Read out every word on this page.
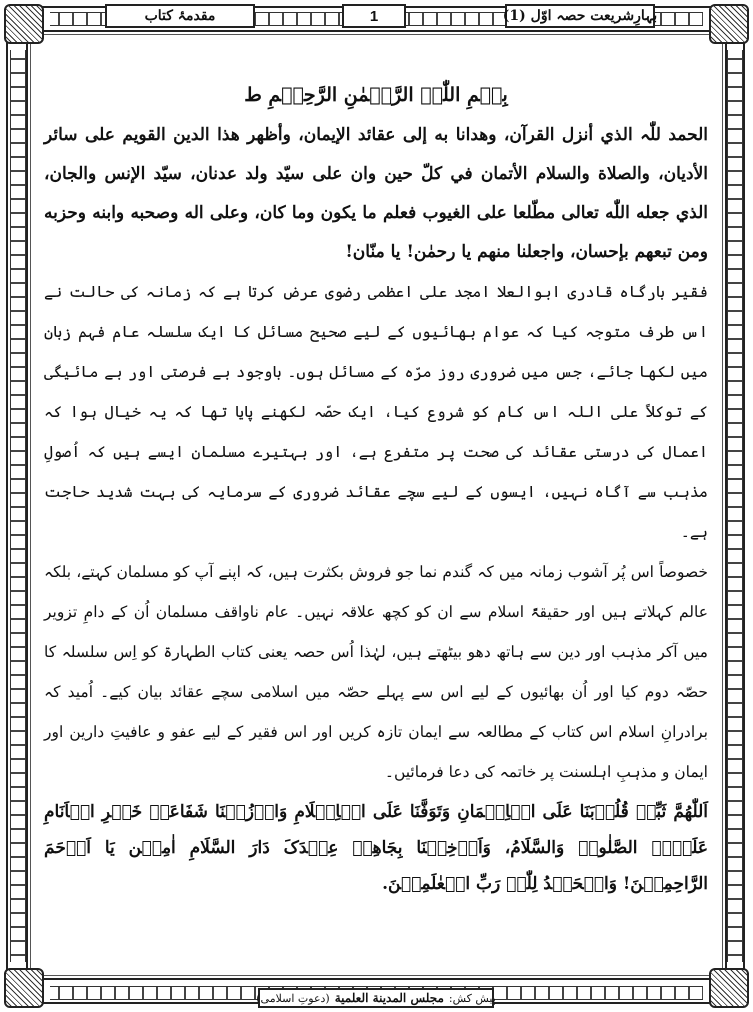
بہارِشریعت حصہ اوّل (1)
1
مقدمۂ کتاب

بِسۡمِ اللّٰہِ الرَّحۡمٰنِ الرَّحِیۡمِ ط

الحمد للّٰہ الذي أنزل القرآن، وهدانا به إلى عقائد الإيمان، وأظهر هذا الدين القويم على سائر الأديان، والصلاة والسلام الأتمان في كلّ حين وان على سيّد ولد عدنان، سيّد الإنس والجان، الذي جعله اللّٰه تعالى مطّلعا على الغيوب فعلم ما يكون وما كان، وعلى اله وصحبه وابنه وحزبه ومن تبعهم بإحسان، واجعلنا منهم يا رحمٰن! يا منّان!

فقیر بارگاہ قادری ابوالعلا امجد علی اعظمی رضوی عرض کرتا ہے کہ زمانہ کی حالت نے اس طرف متوجہ کیا کہ عوام بھائیوں کے لیے صحیح مسائل کا ایک سلسلہ عام فہم زبان میں لکھا جائے، جس میں ضروری روز مرّہ کے مسائل ہوں۔ باوجود بے فرصتی اور بے مائیگی کے توکلاً علی اللہ اس کام کو شروع کیا، ایک حصّہ لکھنے پایا تھا کہ یہ خیال ہوا کہ اعمال کی درستی عقائد کی صحت پر متفرع ہے، اور بہتیرے مسلمان ایسے ہیں کہ اُصولِ مذہب سے آگاہ نہیں، ایسوں کے لیے سچے عقائد ضروری کے سرمایہ کی بہت شدید حاجت ہے۔

خصوصاً اس پُر آشوب زمانہ میں کہ گندم نما جو فروش بکثرت ہیں، کہ اپنے آپ کو مسلمان کہتے، بلکہ عالم کہلاتے ہیں اور حقیقۃً اسلام سے ان کو کچھ علاقہ نہیں۔ عام ناواقف مسلمان اُن کے دامِ تزویر میں آکر مذہب اور دین سے ہاتھ دھو بیٹھتے ہیں، لہٰذا اُس حصہ یعنی کتاب الطہارۃ کو اِس سلسلہ کا حصّہ دوم کیا اور اُن بھائیوں کے لیے اس سے پہلے حصّہ میں اسلامی سچے عقائد بیان کیے۔ اُمید کہ برادرانِ اسلام اس کتاب کے مطالعہ سے ایمان تازہ کریں اور اس فقیر کے لیے عفو و عافیتِ دارین اور ایمان و مذہبِ اہلسنت پر خاتمہ کی دعا فرمائیں۔

اَللّٰھُمَّ ثَبِّتۡ قُلُوۡبَنَا عَلَی الۡاِیۡمَانِ وَتَوَفَّنَا عَلَی الۡاِسۡلَامِ وَارۡزُقۡنَا شَفَاعَۃَ خَیۡرِ الۡاَنَامِ عَلَیۡہِ الصَّلٰوۃُ وَالسَّلَامُ، وَاَدۡخِلۡنَا بِجَاھِہٖ عِنۡدَکَ دَارَ السَّلَامِ اٰمِیۡن یَا اَرۡحَمَ الرَّاحِمِیۡنَ! وَالۡحَمۡدُ لِلّٰہِ رَبِّ الۡعٰلَمِیۡنَ.

پیش کش:
مجلس المدينة العلمية
(دعوتِ اسلامی)
